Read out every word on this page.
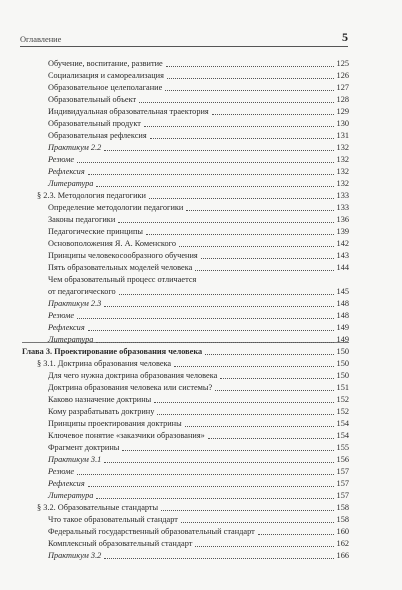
Оглавление	5
Обучение, воспитание, развитие	125
Социализация и самореализация	126
Образовательное целеполагание	127
Образовательный объект	128
Индивидуальная образовательная траектория	129
Образовательный продукт	130
Образовательная рефлексия	131
Практикум 2.2	132
Резюме	132
Рефлексия	132
Литература	132
§ 2.3. Методология педагогики	133
Определение методологии педагогики	133
Законы педагогики	136
Педагогические принципы	139
Основоположения Я. А. Коменского	142
Принципы человекосообразного обучения	143
Пять образовательных моделей человека	144
Чем образовательный процесс отличается
от педагогического	145
Практикум 2.3	148
Резюме	148
Рефлексия	149
Литература	149
Глава 3. Проектирование образования человека	150
§ 3.1. Доктрина образования человека	150
Для чего нужна доктрина образования человека	150
Доктрина образования человека или системы?	151
Каково назначение доктрины	152
Кому разрабатывать доктрину	152
Принципы проектирования доктрины	154
Ключевое понятие «заказчики образования»	154
Фрагмент доктрины	155
Практикум 3.1	156
Резюме	157
Рефлексия	157
Литература	157
§ 3.2. Образовательные стандарты	158
Что такое образовательный стандарт	158
Федеральный государственный образовательный стандарт	160
Комплексный образовательный стандарт	162
Практикум 3.2	166
